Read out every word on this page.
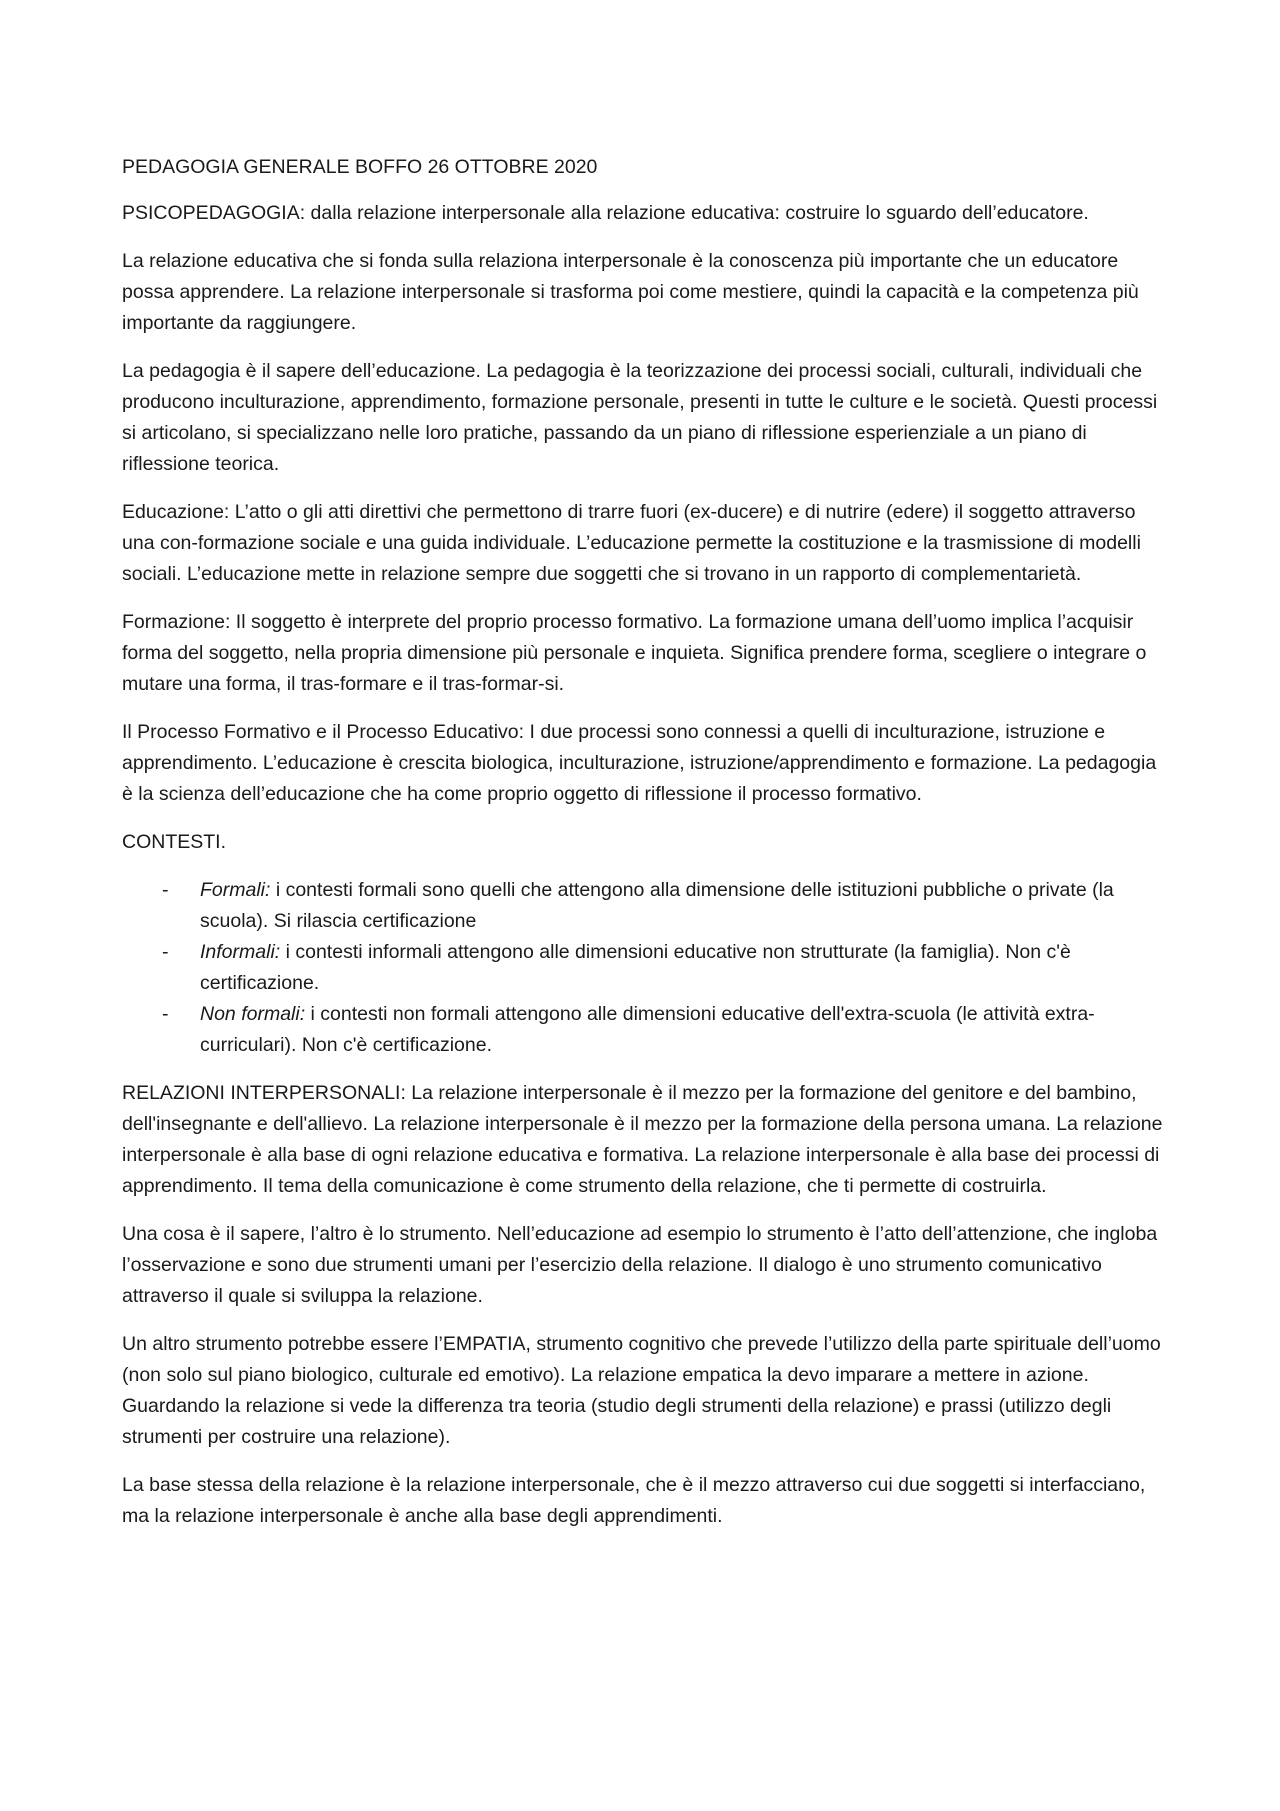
PEDAGOGIA GENERALE BOFFO 26 OTTOBRE 2020

PSICOPEDAGOGIA: dalla relazione interpersonale alla relazione educativa: costruire lo sguardo dell’educatore.

La relazione educativa che si fonda sulla relaziona interpersonale è la conoscenza più importante che un educatore possa apprendere. La relazione interpersonale si trasforma poi come mestiere, quindi la capacità e la competenza più importante da raggiungere.

La pedagogia è il sapere dell’educazione. La pedagogia è la teorizzazione dei processi sociali, culturali, individuali che producono inculturazione, apprendimento, formazione personale, presenti in tutte le culture e le società. Questi processi si articolano, si specializzano nelle loro pratiche, passando da un piano di riflessione esperienziale a un piano di riflessione teorica.

Educazione: L’atto o gli atti direttivi che permettono di trarre fuori (ex-ducere) e di nutrire (edere) il soggetto attraverso una con-formazione sociale e una guida individuale. L’educazione permette la costituzione e la trasmissione di modelli sociali. L’educazione mette in relazione sempre due soggetti che si trovano in un rapporto di complementarietà.

Formazione: Il soggetto è interprete del proprio processo formativo. La formazione umana dell’uomo implica l’acquisir forma del soggetto, nella propria dimensione più personale e inquieta. Significa prendere forma, scegliere o integrare o mutare una forma, il tras-formare e il tras-formar-si.

Il Processo Formativo e il Processo Educativo: I due processi sono connessi a quelli di inculturazione, istruzione e apprendimento. L’educazione è crescita biologica, inculturazione, istruzione/apprendimento e formazione. La pedagogia è la scienza dell’educazione che ha come proprio oggetto di riflessione il processo formativo.

CONTESTI.

- Formali: i contesti formali sono quelli che attengono alla dimensione delle istituzioni pubbliche o private (la scuola). Si rilascia certificazione
- Informali: i contesti informali attengono alle dimensioni educative non strutturate (la famiglia). Non c'è certificazione.
- Non formali: i contesti non formali attengono alle dimensioni educative dell'extra-scuola (le attività extra-curriculari). Non c'è certificazione.

RELAZIONI INTERPERSONALI: La relazione interpersonale è il mezzo per la formazione del genitore e del bambino, dell'insegnante e dell'allievo. La relazione interpersonale è il mezzo per la formazione della persona umana. La relazione interpersonale è alla base di ogni relazione educativa e formativa. La relazione interpersonale è alla base dei processi di apprendimento. Il tema della comunicazione è come strumento della relazione, che ti permette di costruirla.

Una cosa è il sapere, l’altro è lo strumento. Nell’educazione ad esempio lo strumento è l’atto dell’attenzione, che ingloba l’osservazione e sono due strumenti umani per l’esercizio della relazione. Il dialogo è uno strumento comunicativo attraverso il quale si sviluppa la relazione.

Un altro strumento potrebbe essere l’EMPATIA, strumento cognitivo che prevede l’utilizzo della parte spirituale dell’uomo (non solo sul piano biologico, culturale ed emotivo). La relazione empatica la devo imparare a mettere in azione. Guardando la relazione si vede la differenza tra teoria (studio degli strumenti della relazione) e prassi (utilizzo degli strumenti per costruire una relazione).

La base stessa della relazione è la relazione interpersonale, che è il mezzo attraverso cui due soggetti si interfacciano, ma la relazione interpersonale è anche alla base degli apprendimenti.
